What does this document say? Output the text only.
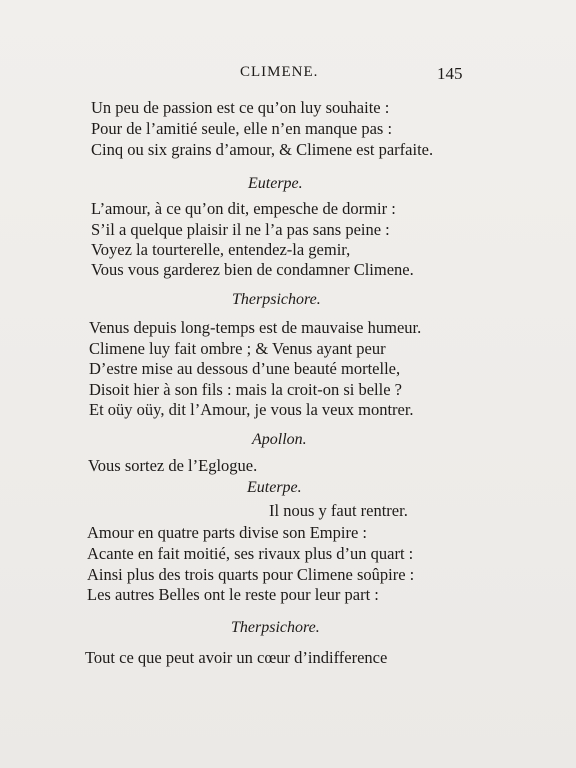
CLIMENE.	145
Un peu de passion est ce qu’on luy souhaite :
Pour de l’amitié seule, elle n’en manque pas :
Cinq ou six grains d’amour, & Climene est parfaite.
Euterpe.
L’amour, à ce qu’on dit, empesche de dormir :
S’il a quelque plaisir il ne l’a pas sans peine :
Voyez la tourterelle, entendez-la gemir,
Vous vous garderez bien de condamner Climene.
Therpsichore.
Venus depuis long-temps est de mauvaise humeur.
Climene luy fait ombre ; & Venus ayant peur
D’estre mise au dessous d’une beauté mortelle,
Disoit hier à son fils : mais la croit-on si belle ?
Et oüy oüy, dit l’Amour, je vous la veux montrer.
Apollon.
Vous sortez de l’Eglogue.
Euterpe.
Il nous y faut rentrer.
Amour en quatre parts divise son Empire :
Acante en fait moitié, ses rivaux plus d’un quart :
Ainsi plus des trois quarts pour Climene soûpire :
Les autres Belles ont le reste pour leur part :
Therpsichore.
Tout ce que peut avoir un cœur d’indifference
